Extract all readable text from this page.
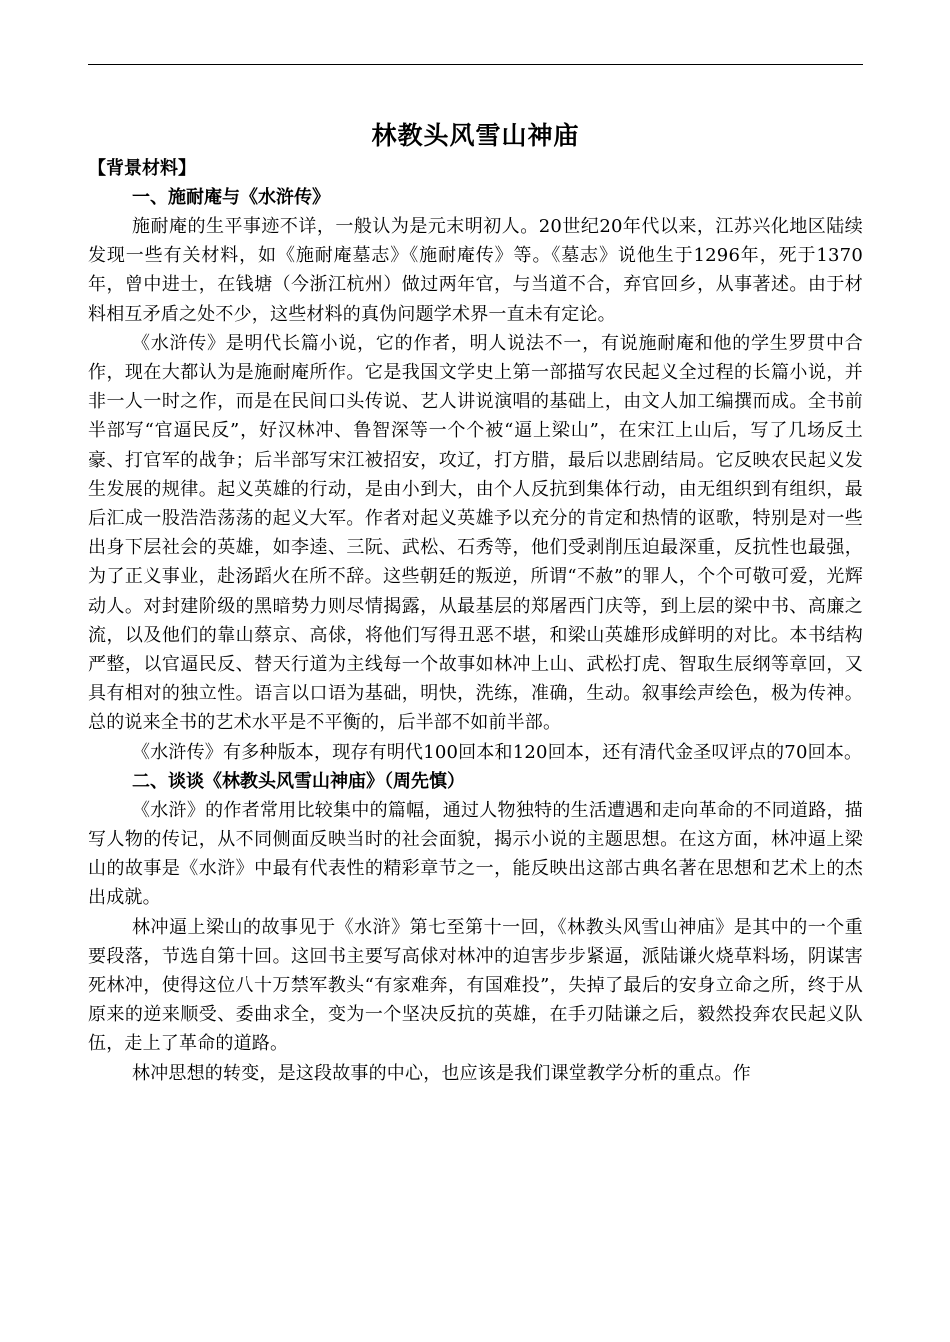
林教头风雪山神庙

【背景材料】

一、施耐庵与《水浒传》

施耐庵的生平事迹不详，一般认为是元末明初人。20世纪20年代以来，江苏兴化地区陆续发现一些有关材料，如《施耐庵墓志》《施耐庵传》等。《墓志》说他生于1296年，死于1370年，曾中进士，在钱塘（今浙江杭州）做过两年官，与当道不合，弃官回乡，从事著述。由于材料相互矛盾之处不少，这些材料的真伪问题学术界一直未有定论。

《水浒传》是明代长篇小说，它的作者，明人说法不一，有说施耐庵和他的学生罗贯中合作，现在大都认为是施耐庵所作。它是我国文学史上第一部描写农民起义全过程的长篇小说，并非一人一时之作，而是在民间口头传说、艺人讲说演唱的基础上，由文人加工编撰而成。全书前半部写“官逼民反”，好汉林冲、鲁智深等一个个被“逼上梁山”，在宋江上山后，写了几场反土豪、打官军的战争；后半部写宋江被招安，攻辽，打方腊，最后以悲剧结局。它反映农民起义发生发展的规律。起义英雄的行动，是由小到大，由个人反抗到集体行动，由无组织到有组织，最后汇成一股浩浩荡荡的起义大军。作者对起义英雄予以充分的肯定和热情的讴歌，特别是对一些出身下层社会的英雄，如李逵、三阮、武松、石秀等，他们受剥削压迫最深重，反抗性也最强，为了正义事业，赴汤蹈火在所不辞。这些朝廷的叛逆，所谓“不赦”的罪人，个个可敬可爱，光辉动人。对封建阶级的黑暗势力则尽情揭露，从最基层的郑屠西门庆等，到上层的梁中书、高廉之流，以及他们的靠山蔡京、高俅，将他们写得丑恶不堪，和梁山英雄形成鲜明的对比。本书结构严整，以官逼民反、替天行道为主线每一个故事如林冲上山、武松打虎、智取生辰纲等章回，又具有相对的独立性。语言以口语为基础，明快，洗练，准确，生动。叙事绘声绘色，极为传神。总的说来全书的艺术水平是不平衡的，后半部不如前半部。

《水浒传》有多种版本，现存有明代100回本和120回本，还有清代金圣叹评点的70回本。

二、谈谈《林教头风雪山神庙》（周先慎）

《水浒》的作者常用比较集中的篇幅，通过人物独特的生活遭遇和走向革命的不同道路，描写人物的传记，从不同侧面反映当时的社会面貌，揭示小说的主题思想。在这方面，林冲逼上梁山的故事是《水浒》中最有代表性的精彩章节之一，能反映出这部古典名著在思想和艺术上的杰出成就。

林冲逼上梁山的故事见于《水浒》第七至第十一回，《林教头风雪山神庙》是其中的一个重要段落，节选自第十回。这回书主要写高俅对林冲的迫害步步紧逼，派陆谦火烧草料场，阴谋害死林冲，使得这位八十万禁军教头“有家难奔，有国难投”，失掉了最后的安身立命之所，终于从原来的逆来顺受、委曲求全，变为一个坚决反抗的英雄，在手刃陆谦之后，毅然投奔农民起义队伍，走上了革命的道路。

林冲思想的转变，是这段故事的中心，也应该是我们课堂教学分析的重点。作
